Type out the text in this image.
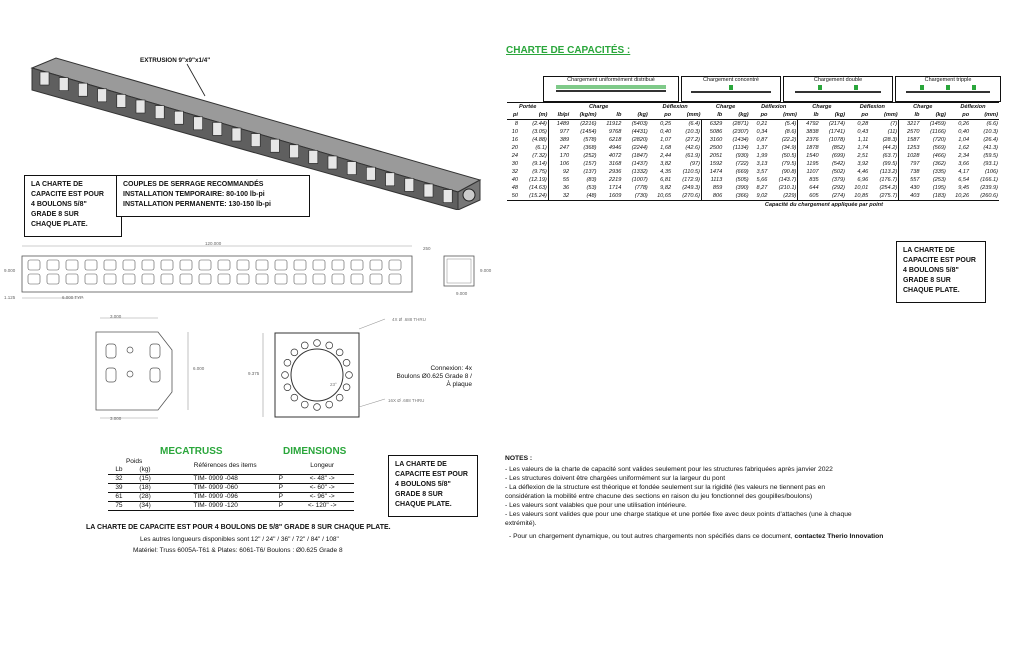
EXTRUSION 9"x9"x1/4"
LA CHARTE DE
CAPACITE EST POUR
4 BOULONS 5/8"
GRADE 8 SUR
CHAQUE PLATE.
COUPLES DE SERRAGE RECOMMANDÉS
INSTALLATION TEMPORAIRE: 80-100 lb-pi
INSTALLATION PERMANENTE: 130-150 lb-pi
120.000
9.000
1.125	6.000 TYP
250
9.000
9.000
3.000
6.000
3.000
9.375
4X Ø .688 THRU
16X Ø .688 THRU
23°
Connexion: 4x
Boulons Ø0.625 Grade 8 /
À plaque
MECATRUSS	DIMENSIONS
Poids		Références des items		Longeur
Lb	(kg)			
32	(15)	TIM- 0909 -048	P	<- 48" ->
39	(18)	TIM- 0909 -060	P	<- 60" ->
61	(28)	TIM- 0909 -096	P	<- 96" ->
75	(34)	TIM- 0909 -120	P	<- 120" ->
LA CHARTE DE
CAPACITE EST POUR
4 BOULONS 5/8"
GRADE 8 SUR
CHAQUE PLATE.
LA CHARTE DE CAPACITE EST POUR 4 BOULONS DE 5/8" GRADE 8 SUR CHAQUE PLATE.
Les autres longueurs disponibles sont 12" / 24" / 36" / 72" / 84" / 108"
Matériel: Truss 6005A-T61 & Plates: 6061-T6/ Boulons : Ø0.625 Grade 8
CHARTE DE CAPACITÉS :
Chargement uniformément distribué	Chargement concentré	Chargement double	Chargement tripple
Portée		Charge				Déflexion		Charge		Déflexion		Charge		Déflexion		Charge		Déflexion	
pi	(m)	lb/pi	(kg/m)	lb	(kg)	po	(mm)	lb	(kg)	po	(mm)	lb	(kg)	po	(mm)	lb	(kg)	po	(mm)
8	(2.44)	1489	(2216)	11912	(5403)	0,25	(6.4)	6329	(2871)	0,21	(5.4)	4792	(2174)	0,28	(7)	3217	(1459)	0,26	(6.6)
10	(3.05)	977	(1454)	9768	(4431)	0,40	(10.3)	5086	(2307)	0,34	(8.6)	3838	(1741)	0,43	(11)	2570	(1166)	0,40	(10.3)
16	(4.88)	389	(578)	6218	(2820)	1,07	(27.2)	3160	(1434)	0,87	(22.2)	2376	(1078)	1,11	(28.3)	1587	(720)	1,04	(26.4)
20	(6.1)	247	(368)	4946	(2244)	1,68	(42.6)	2500	(1134)	1,37	(34.9)	1878	(852)	1,74	(44.2)	1253	(569)	1,62	(41.3)
24	(7.32)	170	(252)	4072	(1847)	2,44	(61.9)	2051	(930)	1,99	(50.5)	1540	(699)	2,51	(63.7)	1028	(466)	2,34	(59.5)
30	(9.14)	106	(157)	3168	(1437)	3,82	(97)	1592	(722)	3,13	(79.5)	1195	(542)	3,92	(99.5)	797	(362)	3,66	(93.1)
32	(9.75)	92	(137)	2936	(1332)	4,35	(110.5)	1474	(669)	3,57	(90.8)	1107	(502)	4,46	(113.2)	738	(335)	4,17	(106)
40	(12.19)	55	(83)	2219	(1007)	6,81	(172.9)	1113	(505)	5,66	(143.7)	835	(379)	6,96	(176.7)	557	(253)	6,54	(166.1)
48	(14.63)	36	(53)	1714	(778)	9,82	(249.3)	859	(390)	8,27	(210.1)	644	(292)	10,01	(254.2)	430	(195)	9,45	(239.9)
50	(15.24)	32	(48)	1609	(730)	10,65	(270.6)	806	(366)	9,02	(229)	605	(274)	10,85	(275.7)	403	(183)	10,26	(260.6)
						Capacité du chargement appliquée par point													
LA CHARTE DE
CAPACITE EST POUR
4 BOULONS 5/8"
GRADE 8 SUR
CHAQUE PLATE.
NOTES :
- Les valeurs de la charte de capacité sont valides seulement pour les structures fabriquées après janvier 2022
- Les structures doivent être chargées uniformément sur la largeur du pont
- La déflexion de la structure est théorique et fondée seulement sur la rigidité (les valeurs ne tiennent pas en
considération la mobilité entre chacune des sections en raison du jeu fonctionnel des goupilles/boulons)
- Les valeurs sont valables que pour une utilisation intérieure.
- Les valeurs sont valides que pour une charge statique et une portée fixe avec deux points d'attaches (une à chaque
extrémité).
- Pour un chargement dynamique, ou tout autres chargements non spécifiés dans ce document, contactez Therio Innovation
